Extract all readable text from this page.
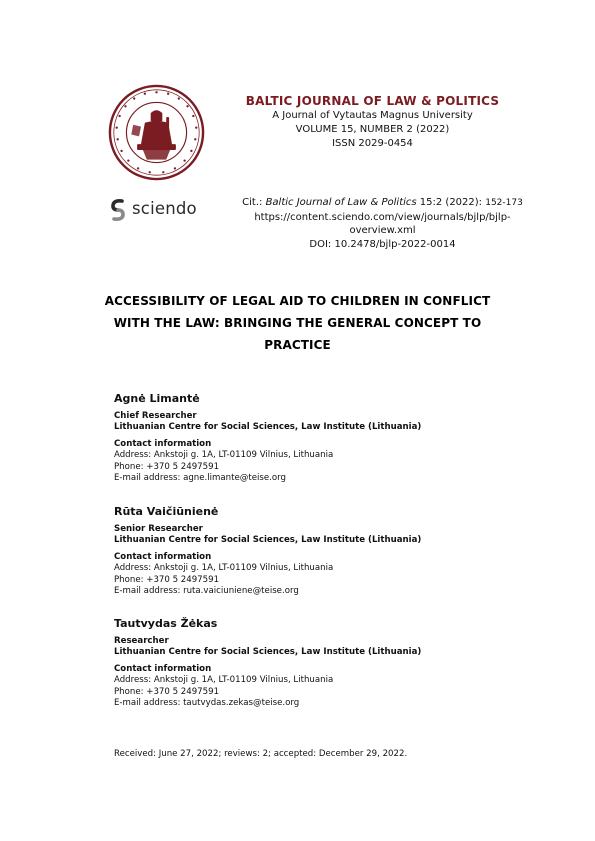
BALTIC JOURNAL OF LAW & POLITICS
A Journal of Vytautas Magnus University
VOLUME 15, NUMBER 2 (2022)
ISSN 2029-0454
sciendo	Cit.: Baltic Journal of Law & Politics 15:2 (2022): 152-173
https://content.sciendo.com/view/journals/bjlp/bjlp-
overview.xml
DOI: 10.2478/bjlp-2022-0014
ACCESSIBILITY OF LEGAL AID TO CHILDREN IN CONFLICT
WITH THE LAW: BRINGING THE GENERAL CONCEPT TO
PRACTICE
Agnė Limantė
Chief Researcher
Lithuanian Centre for Social Sciences, Law Institute (Lithuania)
Contact information
Address: Ankstoji g. 1A, LT-01109 Vilnius, Lithuania
Phone: +370 5 2497591
E-mail address: agne.limante@teise.org
Rūta Vaičiūnienė
Senior Researcher
Lithuanian Centre for Social Sciences, Law Institute (Lithuania)
Contact information
Address: Ankstoji g. 1A, LT-01109 Vilnius, Lithuania
Phone: +370 5 2497591
E-mail address: ruta.vaiciuniene@teise.org
Tautvydas Žėkas
Researcher
Lithuanian Centre for Social Sciences, Law Institute (Lithuania)
Contact information
Address: Ankstoji g. 1A, LT-01109 Vilnius, Lithuania
Phone: +370 5 2497591
E-mail address: tautvydas.zekas@teise.org
Received: June 27, 2022; reviews: 2; accepted: December 29, 2022.
